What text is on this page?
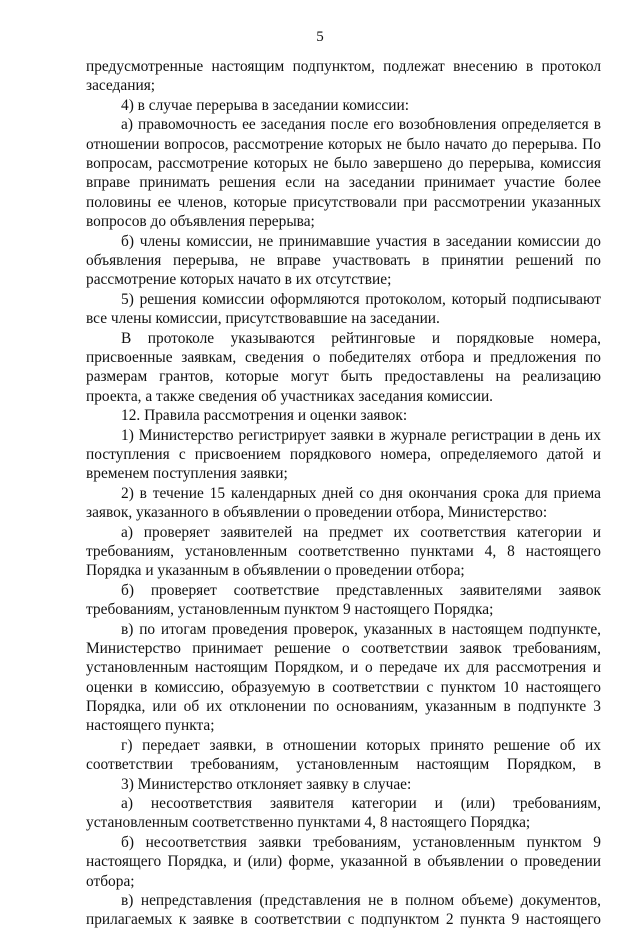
5
предусмотренные настоящим подпунктом, подлежат внесению в протокол
заседания;
4) в случае перерыва в заседании комиссии:
а) правомочность ее заседания после его возобновления определяется в
отношении вопросов, рассмотрение которых не было начато до перерыва. По
вопросам, рассмотрение которых не было завершено до перерыва, комиссия
вправе принимать решения если на заседании принимает участие более
половины ее членов, которые присутствовали при рассмотрении указанных
вопросов до объявления перерыва;
б) члены комиссии, не принимавшие участия в заседании комиссии до
объявления перерыва, не вправе участвовать в принятии решений по
рассмотрение которых начато в их отсутствие;
5) решения комиссии оформляются протоколом, который подписывают
все члены комиссии, присутствовавшие на заседании.
В протоколе указываются рейтинговые и порядковые номера,
присвоенные заявкам, сведения о победителях отбора и предложения по
размерам грантов, которые могут быть предоставлены на реализацию
проекта, а также сведения об участниках заседания комиссии.
12. Правила рассмотрения и оценки заявок:
1) Министерство регистрирует заявки в журнале регистрации в день их
поступления с присвоением порядкового номера, определяемого датой и
временем поступления заявки;
2) в течение 15 календарных дней со дня окончания срока для приема
заявок, указанного в объявлении о проведении отбора, Министерство:
а) проверяет заявителей на предмет их соответствия категории и
требованиям, установленным соответственно пунктами 4, 8 настоящего
Порядка и указанным в объявлении о проведении отбора;
б) проверяет соответствие представленных заявителями заявок
требованиям, установленным пунктом 9 настоящего Порядка;
в) по итогам проведения проверок, указанных в настоящем подпункте,
Министерство принимает решение о соответствии заявок требованиям,
установленным настоящим Порядком, и о передаче их для рассмотрения и
оценки в комиссию, образуемую в соответствии с пунктом 10 настоящего
Порядка, или об их отклонении по основаниям, указанным в подпункте 3
настоящего пункта;
г) передает заявки, в отношении которых принято решение об их
соответствии требованиям, установленным настоящим Порядком, в
3) Министерство отклоняет заявку в случае:
а) несоответствия заявителя категории и (или) требованиям,
установленным соответственно пунктами 4, 8 настоящего Порядка;
б) несоответствия заявки требованиям, установленным пунктом 9
настоящего Порядка, и (или) форме, указанной в объявлении о проведении
отбора;
в) непредставления (представления не в полном объеме) документов,
прилагаемых к заявке в соответствии с подпунктом 2 пункта 9 настоящего
